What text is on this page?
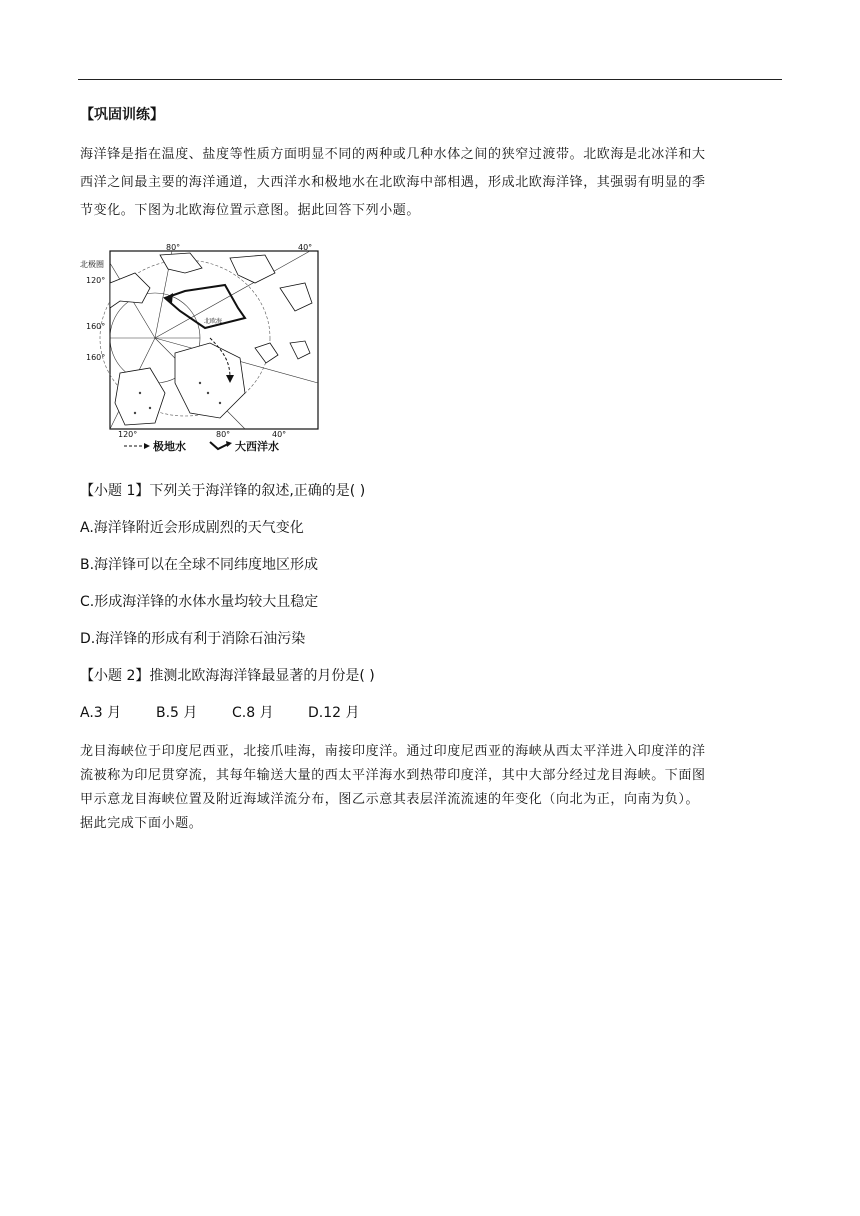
【巩固训练】
海洋锋是指在温度、盐度等性质方面明显不同的两种或几种水体之间的狭窄过渡带。北欧海是北冰洋和大
西洋之间最主要的海洋通道，大西洋水和极地水在北欧海中部相遇，形成北欧海洋锋，其强弱有明显的季
节变化。下图为北欧海位置示意图。据此回答下列小题。
北极圈
120°
160°
160°
80°	40°
120°	80°	40°
北欧海
极地水	大西洋水
【小题 1】下列关于海洋锋的叙述,正确的是( )
A.海洋锋附近会形成剧烈的天气变化
B.海洋锋可以在全球不同纬度地区形成
C.形成海洋锋的水体水量均较大且稳定
D.海洋锋的形成有利于消除石油污染
【小题 2】推测北欧海海洋锋最显著的月份是( )
A.3 月	B.5 月	C.8 月	D.12 月
龙目海峡位于印度尼西亚，北接爪哇海，南接印度洋。通过印度尼西亚的海峡从西太平洋进入印度洋的洋
流被称为印尼贯穿流，其每年输送大量的西太平洋海水到热带印度洋，其中大部分经过龙目海峡。下面图
甲示意龙目海峡位置及附近海域洋流分布，图乙示意其表层洋流流速的年变化（向北为正，向南为负）。
据此完成下面小题。
